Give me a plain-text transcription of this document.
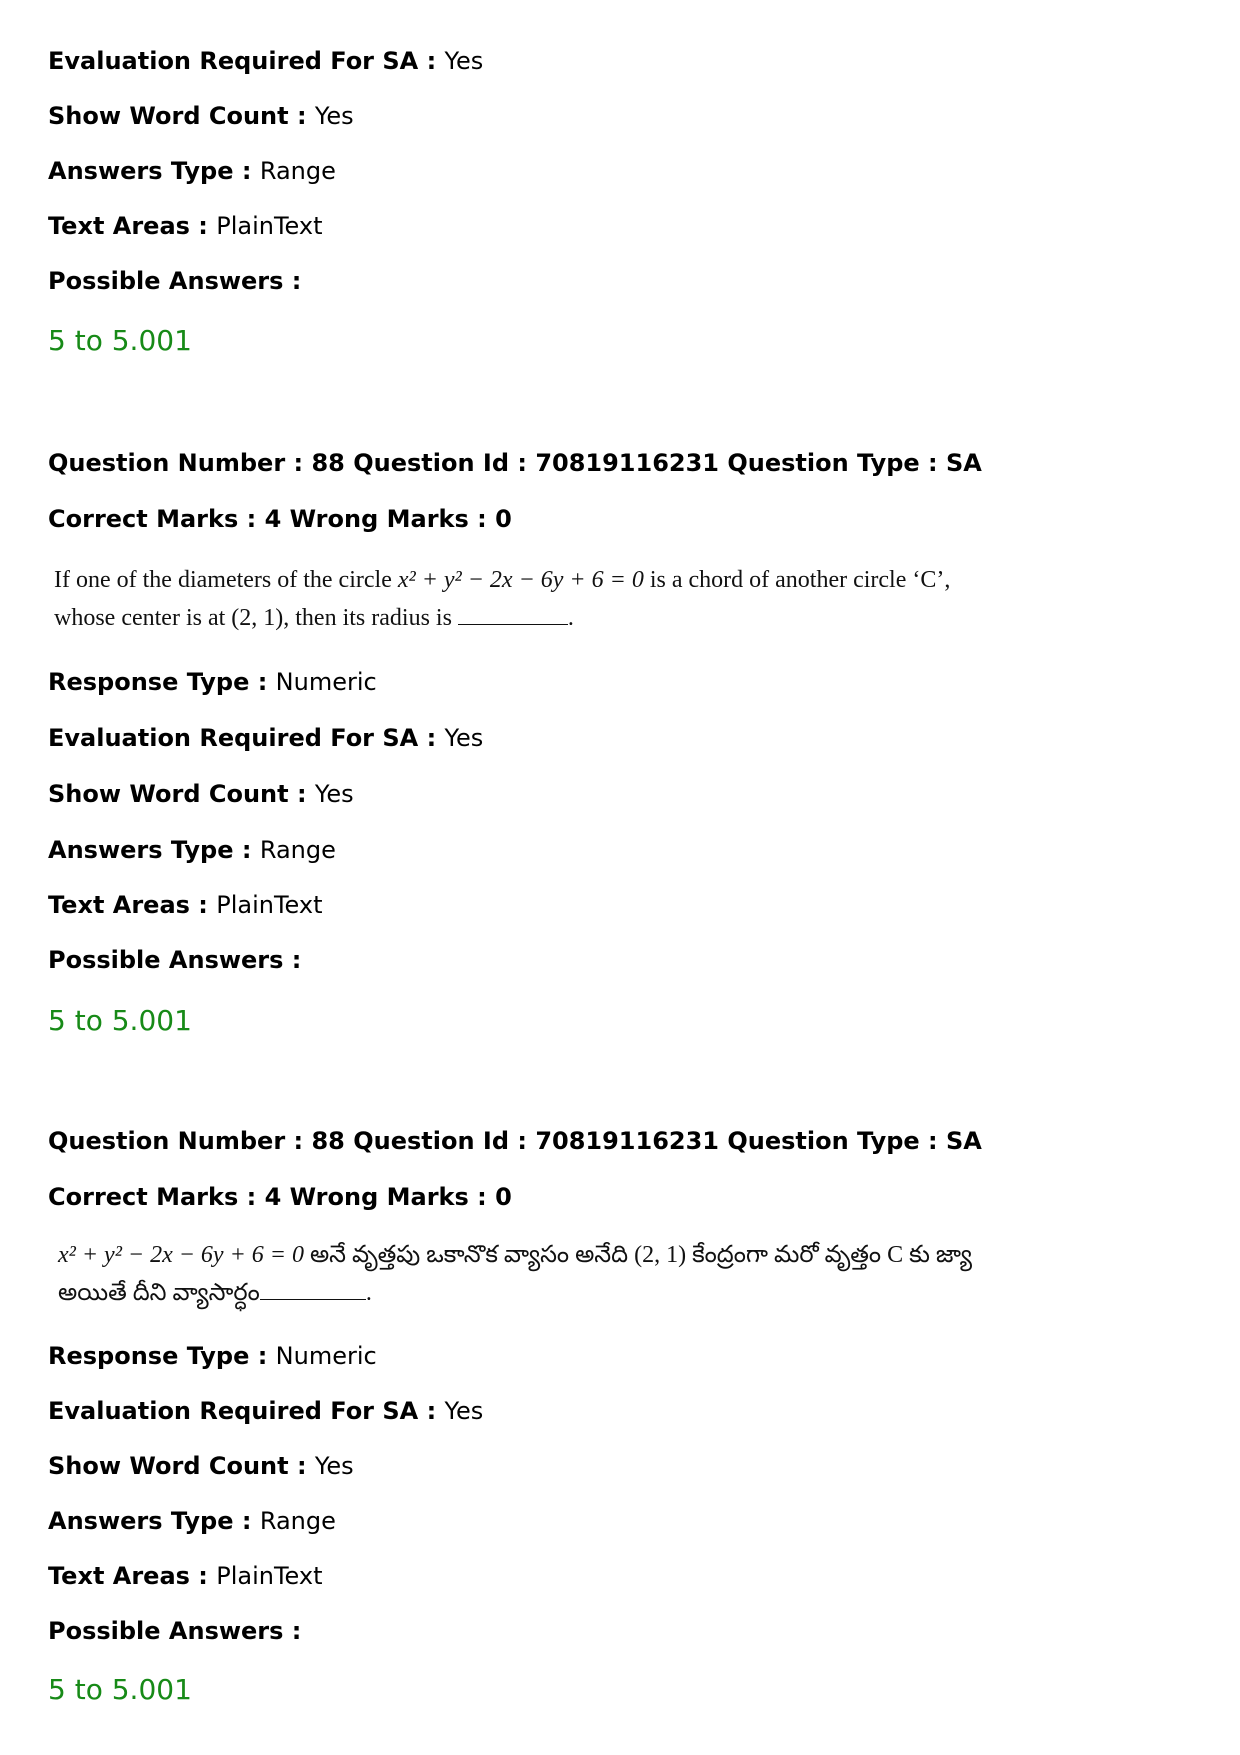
Evaluation Required For SA : Yes
Show Word Count : Yes
Answers Type : Range
Text Areas : PlainText
Possible Answers :
5 to 5.001
Question Number : 88 Question Id : 70819116231 Question Type : SA
Correct Marks : 4 Wrong Marks : 0
If one of the diameters of the circle x² + y² − 2x − 6y + 6 = 0 is a chord of another circle ‘C’,
whose center is at (2, 1), then its radius is	.
Response Type : Numeric
Evaluation Required For SA : Yes
Show Word Count : Yes
Answers Type : Range
Text Areas : PlainText
Possible Answers :
5 to 5.001
Question Number : 88 Question Id : 70819116231 Question Type : SA
Correct Marks : 4 Wrong Marks : 0
x² + y² − 2x − 6y + 6 = 0 అనే వృత్తపు ఒకానొక వ్యాసం అనేది (2, 1) కేంద్రంగా మరో వృత్తం C కు జ్యా
అయితే దీని వ్యాసార్ధం	.
Response Type : Numeric
Evaluation Required For SA : Yes
Show Word Count : Yes
Answers Type : Range
Text Areas : PlainText
Possible Answers :
5 to 5.001
